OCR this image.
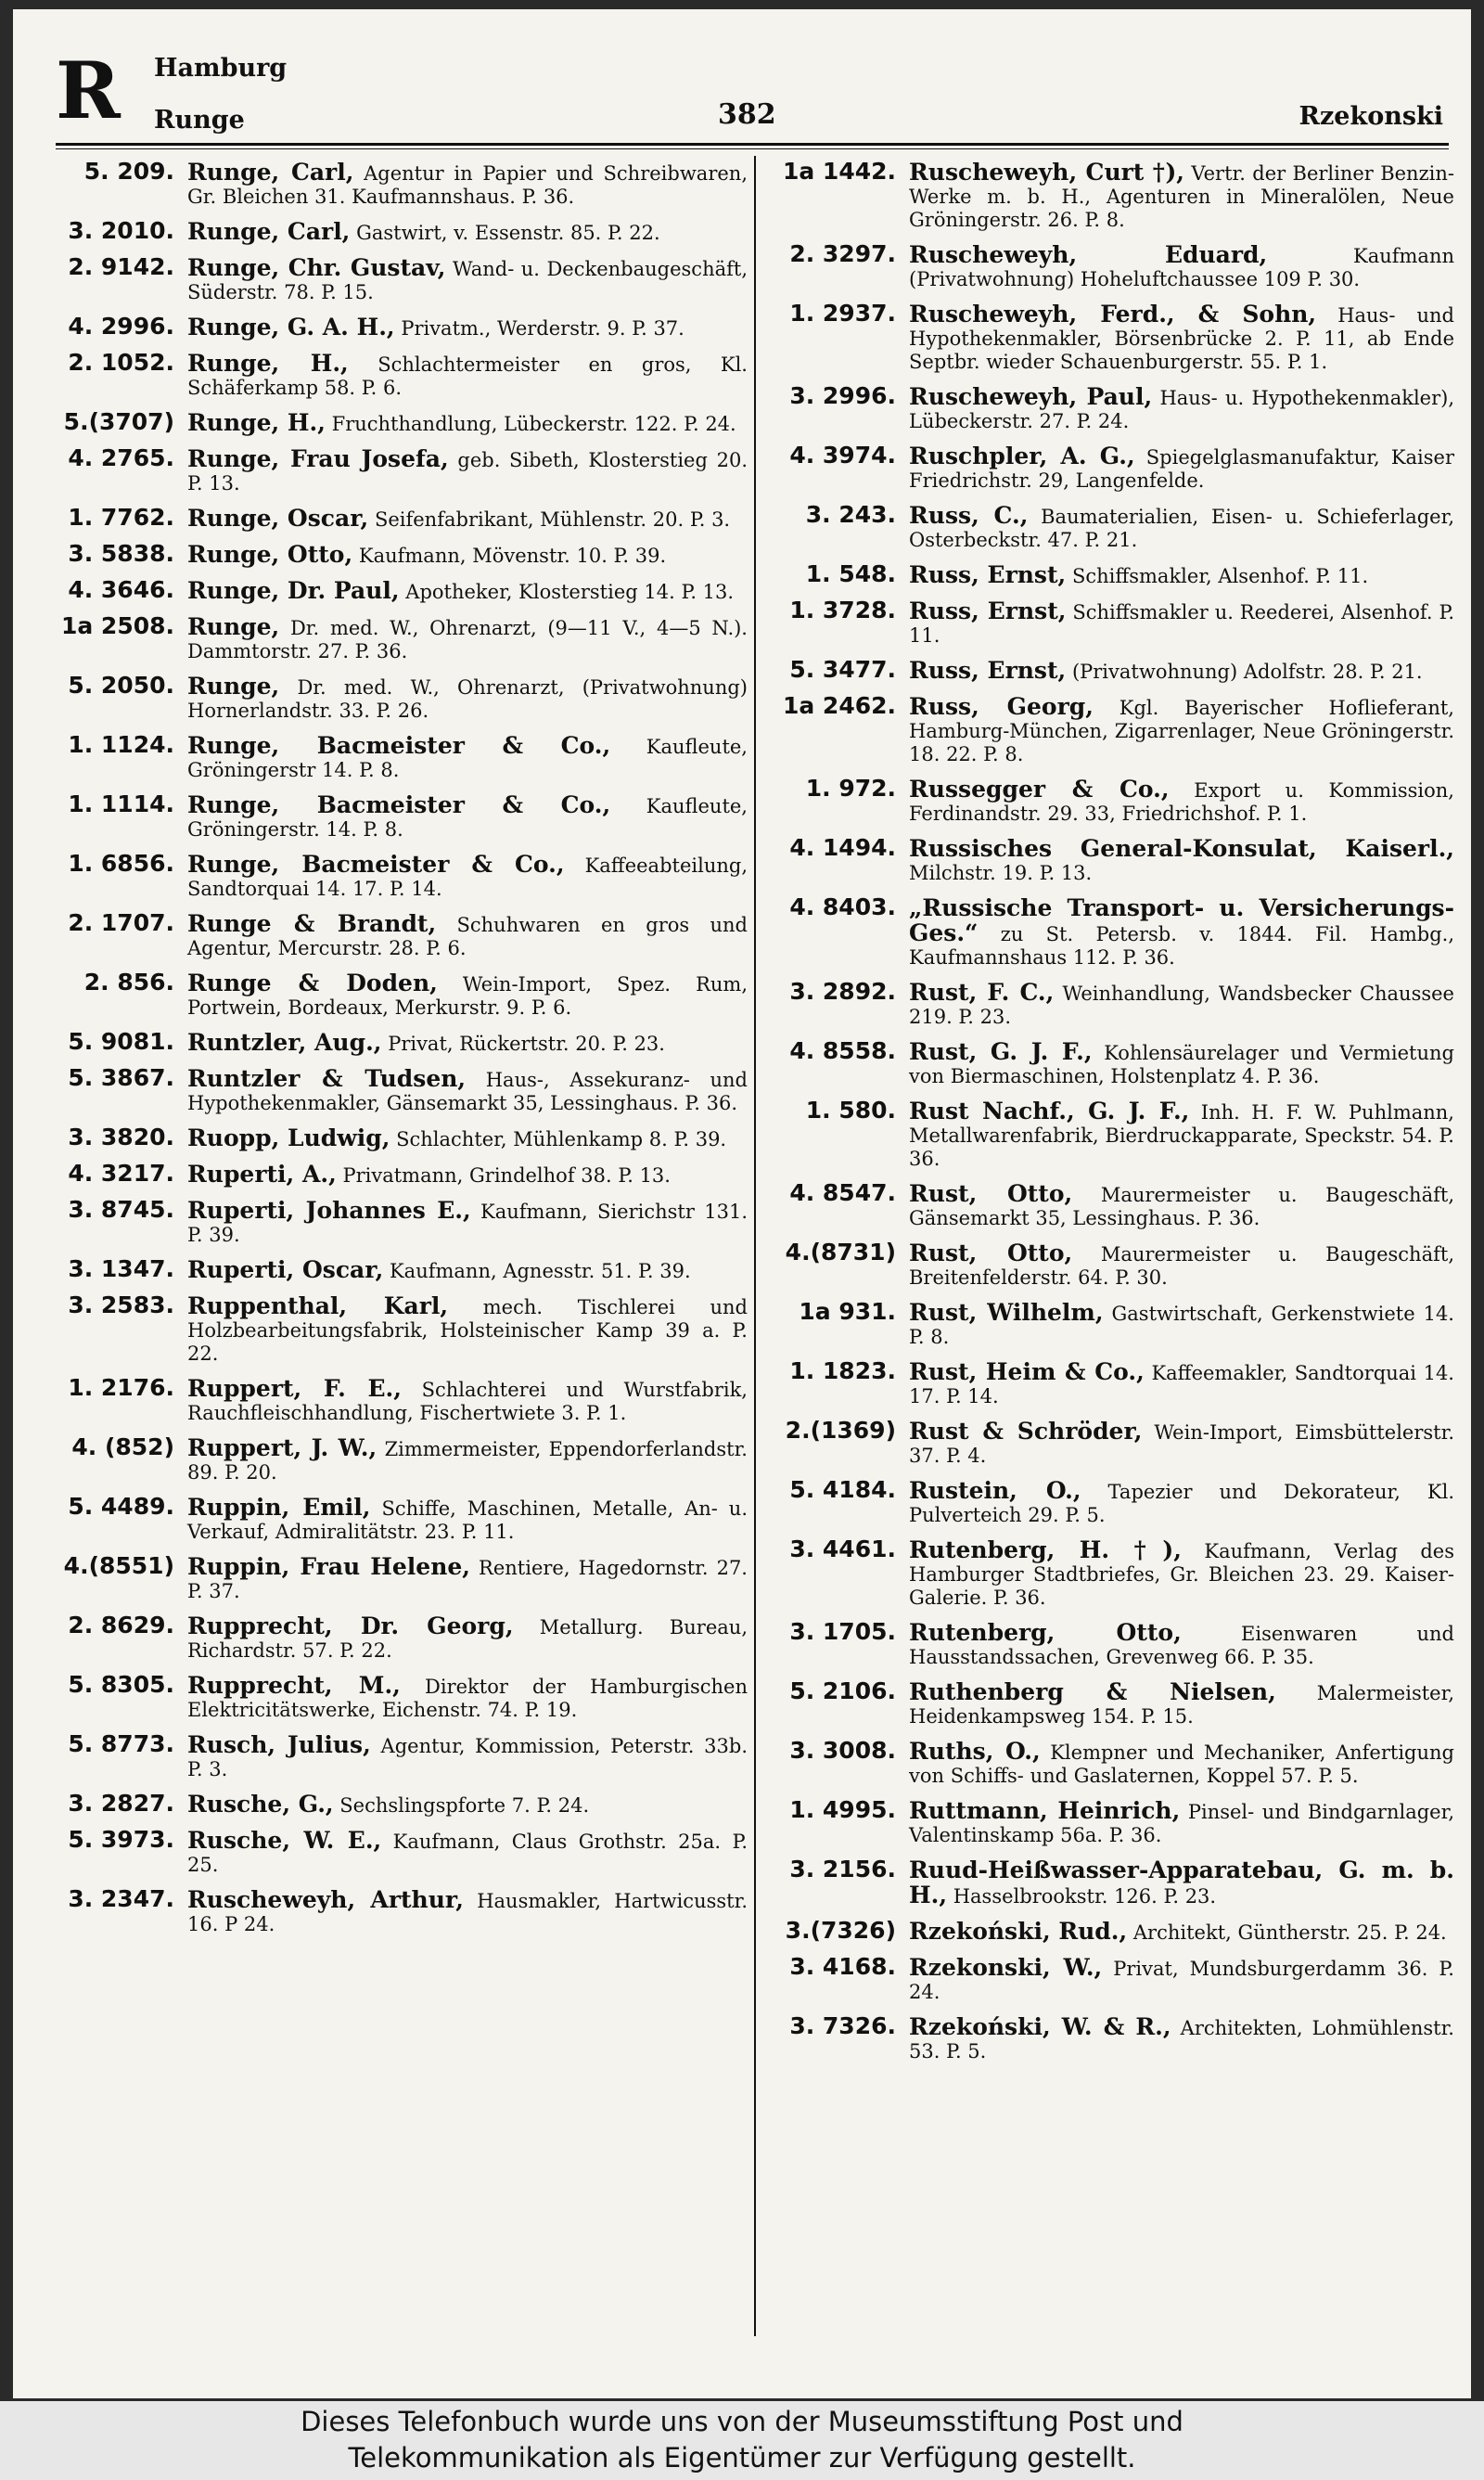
R Hamburg
Runge	382	Rzekonski
5. 209. Runge, Carl, Agentur in Papier und Schreibwaren, Gr. Bleichen 31. Kaufmannshaus. P. 36.
3. 2010. Runge, Carl, Gastwirt, v. Essenstr. 85. P. 22.
2. 9142. Runge, Chr. Gustav, Wand- u. Deckenbaugeschäft, Süderstr. 78. P. 15.
4. 2996. Runge, G. A. H., Privatm., Werderstr. 9. P. 37.
2. 1052. Runge, H., Schlachtermeister en gros, Kl. Schäferkamp 58. P. 6.
5.(3707) Runge, H., Fruchthandlung, Lübeckerstr. 122. P. 24.
4. 2765. Runge, Frau Josefa, geb. Sibeth, Klosterstieg 20. P. 13.
1. 7762. Runge, Oscar, Seifenfabrikant, Mühlenstr. 20. P. 3.
3. 5838. Runge, Otto, Kaufmann, Mövenstr. 10. P. 39.
4. 3646. Runge, Dr. Paul, Apotheker, Klosterstieg 14. P. 13.
1a 2508. Runge, Dr. med. W., Ohrenarzt, (9—11 V., 4—5 N.). Dammtorstr. 27. P. 36.
5. 2050. Runge, Dr. med. W., Ohrenarzt, (Privatwohnung) Hornerlandstr. 33. P. 26.
1. 1124. Runge, Bacmeister & Co., Kaufleute, Gröningerstr 14. P. 8.
1. 1114. Runge, Bacmeister & Co., Kaufleute, Gröningerstr. 14. P. 8.
1. 6856. Runge, Bacmeister & Co., Kaffeeabteilung, Sandtorquai 14. 17. P. 14.
2. 1707. Runge & Brandt, Schuhwaren en gros und Agentur, Mercurstr. 28. P. 6.
2. 856. Runge & Doden, Wein-Import, Spez. Rum, Portwein, Bordeaux, Merkurstr. 9. P. 6.
5. 9081. Runtzler, Aug., Privat, Rückertstr. 20. P. 23.
5. 3867. Runtzler & Tudsen, Haus-, Assekuranz- und Hypothekenmakler, Gänsemarkt 35, Lessinghaus. P. 36.
3. 3820. Ruopp, Ludwig, Schlachter, Mühlenkamp 8. P. 39.
4. 3217. Ruperti, A., Privatmann, Grindelhof 38. P. 13.
3. 8745. Ruperti, Johannes E., Kaufmann, Sierichstr 131. P. 39.
3. 1347. Ruperti, Oscar, Kaufmann, Agnesstr. 51. P. 39.
3. 2583. Ruppenthal, Karl, mech. Tischlerei und Holzbearbeitungsfabrik, Holsteinischer Kamp 39 a. P. 22.
1. 2176. Ruppert, F. E., Schlachterei und Wurstfabrik, Rauchfleischhandlung, Fischertwiete 3. P. 1.
4. (852) Ruppert, J. W., Zimmermeister, Eppendorferlandstr. 89. P. 20.
5. 4489. Ruppin, Emil, Schiffe, Maschinen, Metalle, An- u. Verkauf, Admiralitätstr. 23. P. 11.
4.(8551) Ruppin, Frau Helene, Rentiere, Hagedornstr. 27. P. 37.
2. 8629. Rupprecht, Dr. Georg, Metallurg. Bureau, Richardstr. 57. P. 22.
5. 8305. Rupprecht, M., Direktor der Hamburgischen Elektricitätswerke, Eichenstr. 74. P. 19.
5. 8773. Rusch, Julius, Agentur, Kommission, Peterstr. 33b. P. 3.
3. 2827. Rusche, G., Sechslingspforte 7. P. 24.
5. 3973. Rusche, W. E., Kaufmann, Claus Grothstr. 25a. P. 25.
3. 2347. Ruscheweyh, Arthur, Hausmakler, Hartwicusstr. 16. P 24.
1a 1442. Ruscheweyh, Curt †), Vertr. der Berliner Benzin-Werke m. b. H., Agenturen in Mineralölen, Neue Gröningerstr. 26. P. 8.
2. 3297. Ruscheweyh, Eduard,	Kaufmann (Privatwohnung) Hoheluftchaussee 109 P. 30.
1. 2937. Ruscheweyh, Ferd., & Sohn, Haus- und Hypothekenmakler, Börsenbrücke 2. P. 11, ab Ende Septbr. wieder Schauenburgerstr. 55. P. 1.
3. 2996. Ruscheweyh, Paul, Haus- u. Hypothekenmakler), Lübeckerstr. 27. P. 24.
4. 3974. Ruschpler, A. G., Spiegelglasmanufaktur, Kaiser Friedrichstr. 29, Langenfelde.
3. 243. Russ, C., Baumaterialien, Eisen- u. Schieferlager, Osterbeckstr. 47. P. 21.
1. 548. Russ, Ernst, Schiffsmakler, Alsenhof. P. 11.
1. 3728. Russ, Ernst, Schiffsmakler u. Reederei, Alsenhof. P. 11.
5. 3477. Russ, Ernst, (Privatwohnung) Adolfstr. 28. P. 21.
1a 2462. Russ, Georg, Kgl. Bayerischer Hoflieferant, Hamburg-München, Zigarrenlager, Neue Gröningerstr. 18. 22. P. 8.
1. 972. Russegger & Co., Export u. Kommission, Ferdinandstr. 29. 33, Friedrichshof. P. 1.
4. 1494. Russisches General-Konsulat, Kaiserl., Milchstr. 19. P. 13.
4. 8403. „Russische Transport- u. Versicherungs-Ges.“ zu St. Petersb. v. 1844. Fil. Hambg., Kaufmannshaus 112. P. 36.
3. 2892. Rust, F. C., Weinhandlung, Wandsbecker Chaussee 219. P. 23.
4. 8558. Rust, G. J. F., Kohlensäurelager und Vermietung von Biermaschinen, Holstenplatz 4. P. 36.
1. 580. Rust Nachf., G. J. F., Inh. H. F. W. Puhlmann, Metallwarenfabrik, Bierdruckapparate, Speckstr. 54. P. 36.
4. 8547. Rust, Otto, Maurermeister u. Baugeschäft, Gänsemarkt 35, Lessinghaus. P. 36.
4.(8731) Rust, Otto, Maurermeister u. Baugeschäft, Breitenfelderstr. 64. P. 30.
1a 931. Rust, Wilhelm, Gastwirtschaft, Gerkenstwiete 14. P. 8.
1. 1823. Rust, Heim & Co., Kaffeemakler, Sandtorquai 14. 17. P. 14.
2.(1369) Rust & Schröder, Wein-Import, Eimsbüttelerstr. 37. P. 4.
5. 4184. Rustein, O., Tapezier und Dekorateur, Kl. Pulverteich 29. P. 5.
3. 4461. Rutenberg, H. †), Kaufmann, Verlag des Hamburger Stadtbriefes, Gr. Bleichen 23. 29. Kaiser-Galerie. P. 36.
3. 1705. Rutenberg, Otto,	Eisenwaren und Hausstandssachen, Grevenweg 66. P. 35.
5. 2106. Ruthenberg & Nielsen, Malermeister, Heidenkampsweg 154. P. 15.
3. 3008. Ruths, O., Klempner und Mechaniker, Anfertigung von Schiffs- und Gaslaternen, Koppel 57. P. 5.
1. 4995. Ruttmann, Heinrich, Pinsel- und Bindgarnlager, Valentinskamp 56a. P. 36.
3. 2156. Ruud-Heißwasser-Apparatebau, G. m. b. H., Hasselbrookstr. 126. P. 23.
3.(7326) Rzekoński, Rud., Architekt, Güntherstr. 25. P. 24.
3. 4168. Rzekonski, W., Privat, Mundsburgerdamm 36. P. 24.
3. 7326. Rzekoński, W. & R., Architekten, Lohmühlenstr. 53. P. 5.
Dieses Telefonbuch wurde uns von der Museumsstiftung Post und
Telekommunikation als Eigentümer zur Verfügung gestellt.
